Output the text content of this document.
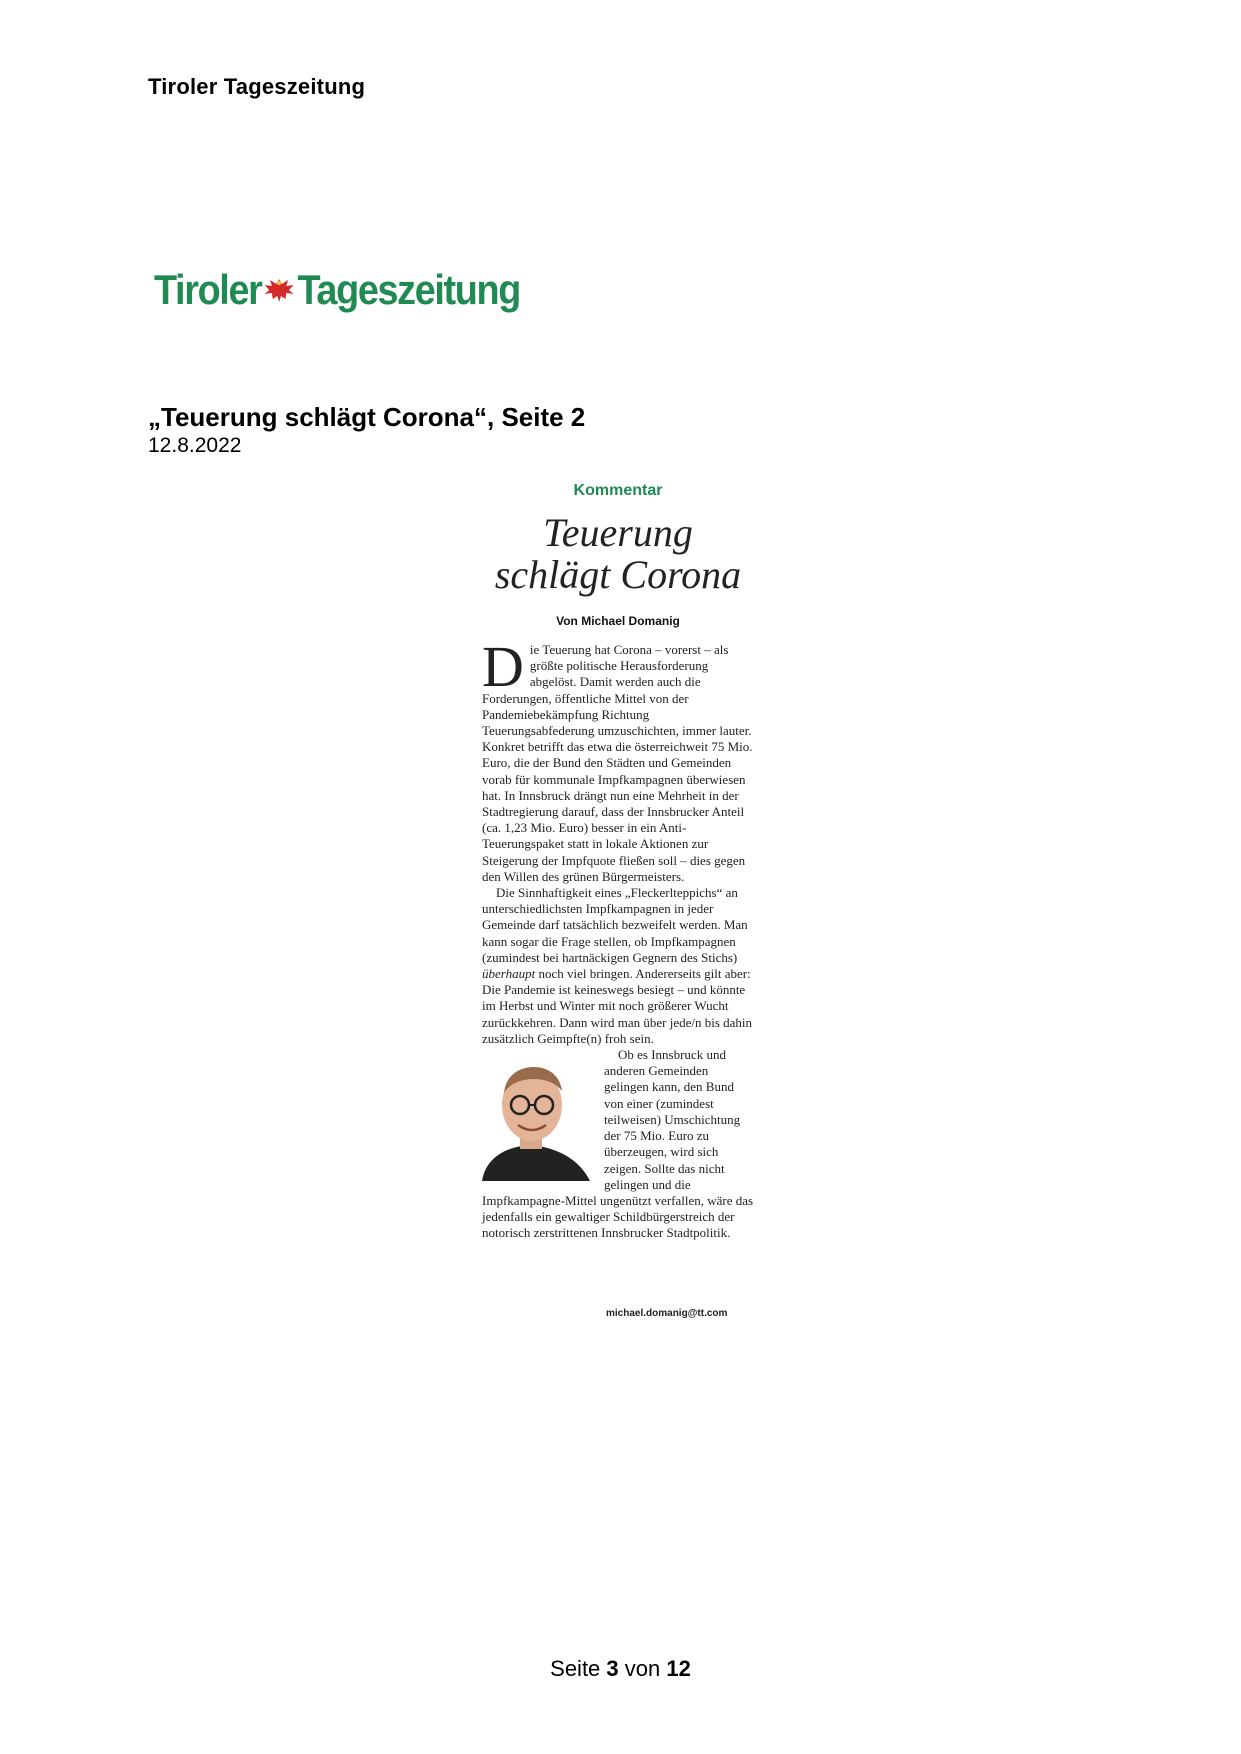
Tiroler Tageszeitung
Tiroler Tageszeitung
„Teuerung schlägt Corona“, Seite 2
12.8.2022
Kommentar
Teuerung
schlägt Corona
Von Michael Domanig

Die Teuerung hat Corona – vorerst – als größte politische Herausforderung abgelöst. Damit werden auch die Forderungen, öffentliche Mittel von der Pandemiebekämpfung Richtung Teuerungsabfederung umzuschichten, immer lauter. Konkret betrifft das etwa die österreichweit 75 Mio. Euro, die der Bund den Städten und Gemeinden vorab für kommunale Impfkampagnen überwiesen hat. In Innsbruck drängt nun eine Mehrheit in der Stadtregierung darauf, dass der Innsbrucker Anteil (ca. 1,23 Mio. Euro) besser in ein Anti-Teuerungspaket statt in lokale Aktionen zur Steigerung der Impfquote fließen soll – dies gegen den Willen des grünen Bürgermeisters.

Die Sinnhaftigkeit eines „Fleckerlteppichs“ an unterschiedlichsten Impfkampagnen in jeder Gemeinde darf tatsächlich bezweifelt werden. Man kann sogar die Frage stellen, ob Impfkampagnen (zumindest bei hartnäckigen Gegnern des Stichs) überhaupt noch viel bringen. Andererseits gilt aber: Die Pandemie ist keineswegs besiegt – und könnte im Herbst und Winter mit noch größerer Wucht zurückkehren. Dann wird man über jede/n bis dahin zusätzlich Geimpfte(n) froh sein.

Ob es Innsbruck und anderen Gemeinden gelingen kann, den Bund von einer (zumindest teilweisen) Umschichtung der 75 Mio. Euro zu überzeugen, wird sich zeigen. Sollte das nicht gelingen und die Impfkampagne-Mittel ungenützt verfallen, wäre das jedenfalls ein gewaltiger Schildbürgerstreich der notorisch zerstrittenen Innsbrucker Stadtpolitik.

michael.domanig@tt.com
Seite 3 von 12
